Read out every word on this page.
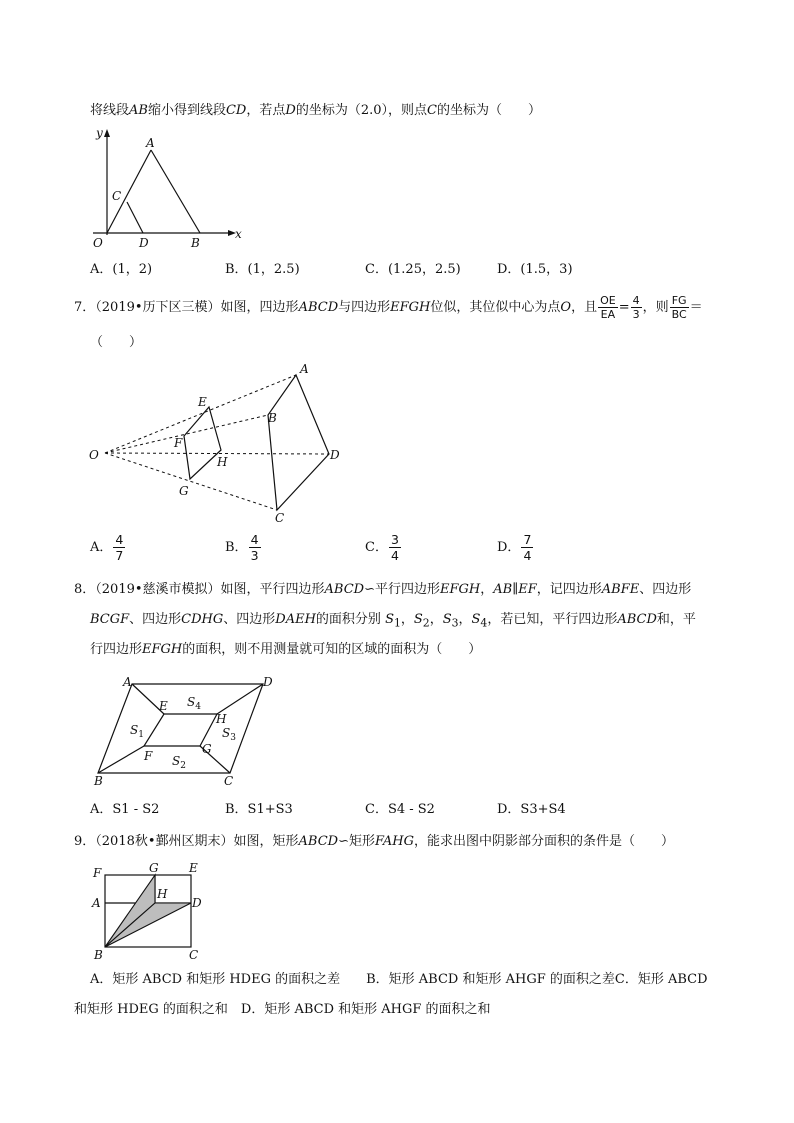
将线段AB缩小得到线段CD，若点D的坐标为（2.0），则点C的坐标为（　　）
y
x
O
A
C
D	B
A．(1，2)	B．(1，2.5)	C．(1.25，2.5)	D．(1.5，3)
7．（2019•历下区三模）如图，四边形ABCD与四边形EFGH位似，其位似中心为点O，且 $\frac{OE}{EA} = \frac{4}{3}$ ，则 $\frac{FG}{BC}$ ＝
（　　）
O
E
F
H
G
A
B
D
C
A． $\frac{4}{7}$	B． $\frac{4}{3}$	C． $\frac{3}{4}$	D． $\frac{7}{4}$
8．（2019•慈溪市模拟）如图，平行四边形ABCD∽平行四边形EFGH，AB∥EF，记四边形ABFE、四边形
BCGF、四边形CDHG、四边形DAEH的面积分别 $S_1$，$S_2$，$S_3$，$S_4$，若已知，平行四边形ABCD和，平
行四边形EFGH的面积，则不用测量就可知的区域的面积为（　　）
A	D
E
H
$S_4$
$S_1$	$S_3$
G
F $S_2$
B	C
A．S1 - S2	B．S1+S3	C．S4 - S2	D．S3+S4
9．（2018秋•鄞州区期末）如图，矩形ABCD∽矩形FAHG，能求出图中阴影部分面积的条件是（　　）
F	G	E
A
H
D
B	C
A．矩形 ABCD 和矩形 HDEG 的面积之差　　B．矩形 ABCD 和矩形 AHGF 的面积之差C．矩形 ABCD
和矩形 HDEG 的面积之和　D．矩形 ABCD 和矩形 AHGF 的面积之和
